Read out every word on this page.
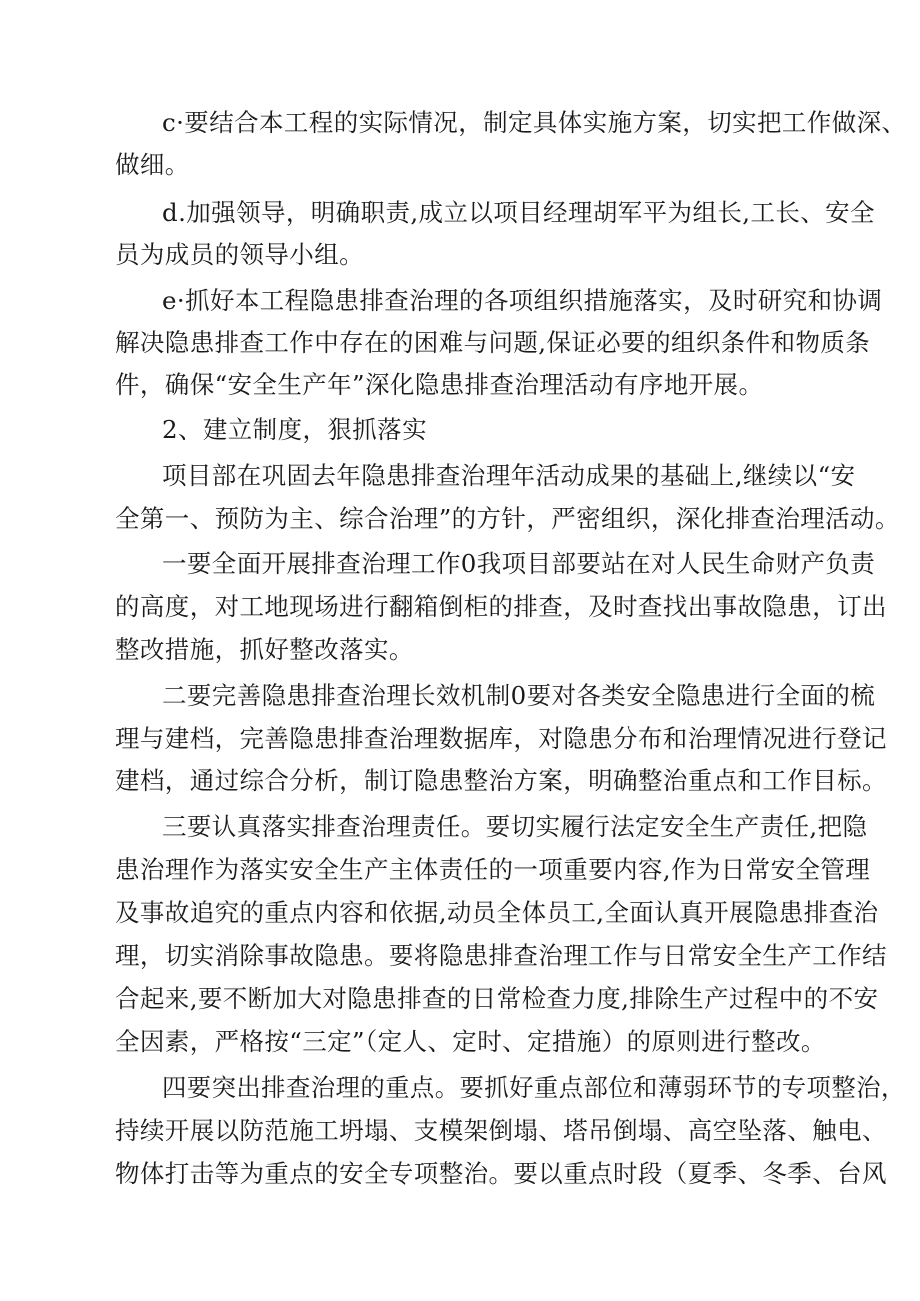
c·要结合本工程的实际情况，制定具体实施方案，切实把工作做深、
做细。
d.加强领导，明确职责,成立以项目经理胡军平为组长,工长、安全
员为成员的领导小组。
e·抓好本工程隐患排查治理的各项组织措施落实，及时研究和协调
解决隐患排查工作中存在的困难与问题,保证必要的组织条件和物质条
件，确保“安全生产年”深化隐患排查治理活动有序地开展。
2、建立制度，狠抓落实
项目部在巩固去年隐患排查治理年活动成果的基础上,继续以“安
全第一、预防为主、综合治理”的方针，严密组织，深化排查治理活动。
一要全面开展排查治理工作0我项目部要站在对人民生命财产负责
的高度，对工地现场进行翻箱倒柜的排查，及时查找出事故隐患，订出
整改措施，抓好整改落实。
二要完善隐患排查治理长效机制0要对各类安全隐患进行全面的梳
理与建档，完善隐患排查治理数据库，对隐患分布和治理情况进行登记
建档，通过综合分析，制订隐患整治方案，明确整治重点和工作目标。
三要认真落实排查治理责任。要切实履行法定安全生产责任,把隐
患治理作为落实安全生产主体责任的一项重要内容,作为日常安全管理
及事故追究的重点内容和依据,动员全体员工,全面认真开展隐患排查治
理，切实消除事故隐患。要将隐患排查治理工作与日常安全生产工作结
合起来,要不断加大对隐患排查的日常检查力度,排除生产过程中的不安
全因素，严格按“三定”（定人、定时、定措施）的原则进行整改。
四要突出排查治理的重点。要抓好重点部位和薄弱环节的专项整治，
持续开展以防范施工坍塌、支模架倒塌、塔吊倒塌、高空坠落、触电、
物体打击等为重点的安全专项整治。要以重点时段（夏季、冬季、台风
